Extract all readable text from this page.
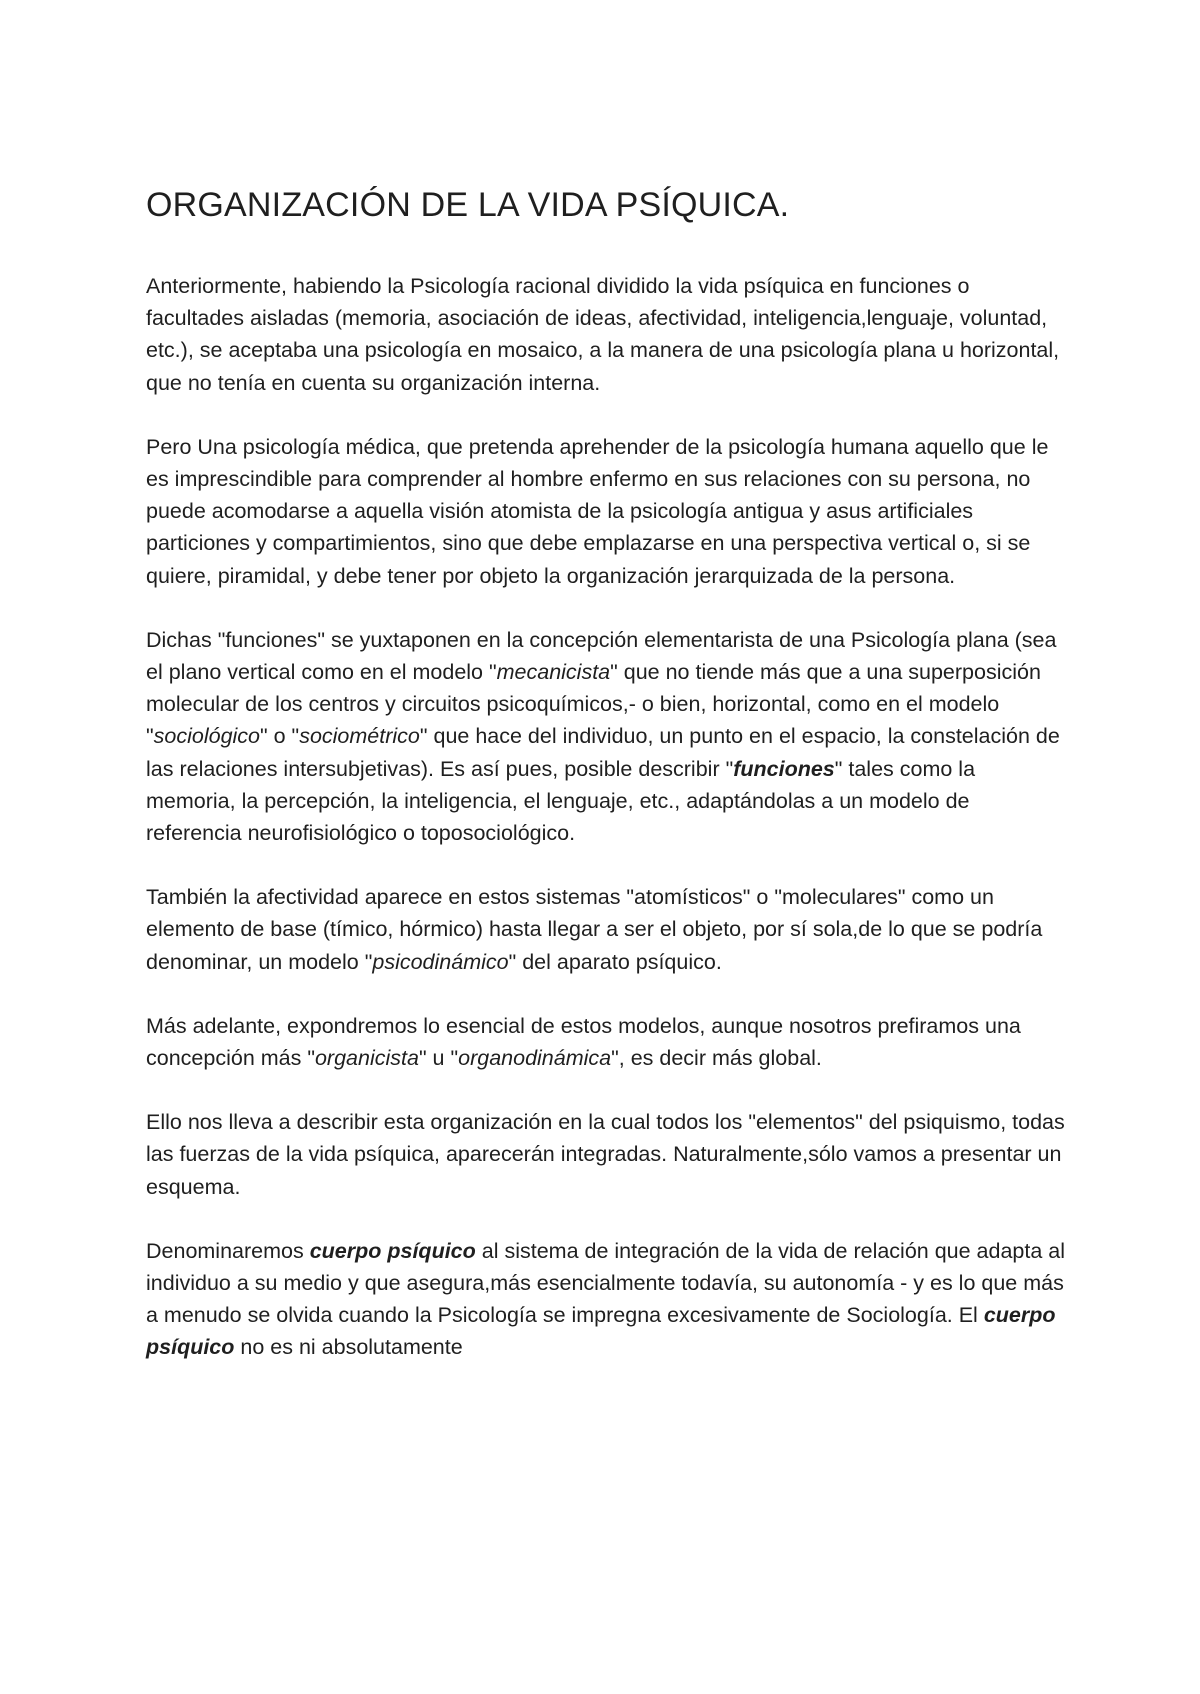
ORGANIZACIÓN DE LA VIDA PSÍQUICA.

Anteriormente, habiendo la Psicología racional dividido la vida psíquica en funciones o facultades aisladas (memoria, asociación de ideas, afectividad, inteligencia,lenguaje, voluntad, etc.), se aceptaba una psicología en mosaico, a la manera de una psicología plana u horizontal, que no tenía en cuenta su organización interna.

Pero Una psicología médica, que pretenda aprehender de la psicología humana aquello que le es imprescindible para comprender al hombre enfermo en sus relaciones con su persona, no puede acomodarse a aquella visión atomista de la psicología antigua y asus artificiales particiones y compartimientos, sino que debe emplazarse en una perspectiva vertical o, si se quiere, piramidal, y debe tener por objeto la organización jerarquizada de la persona.

Dichas "funciones" se yuxtaponen en la concepción elementarista de una Psicología plana (sea el plano vertical como en el modelo "mecanicista" que no tiende más que a una superposición molecular de los centros y circuitos psicoquímicos,- o bien, horizontal, como en el modelo "sociológico" o "sociométrico" que hace del individuo, un punto en el espacio, la constelación de las relaciones intersubjetivas). Es así pues, posible describir "funciones" tales como la memoria, la percepción, la inteligencia, el lenguaje, etc., adaptándolas a un modelo de referencia neurofisiológico o toposociológico.

También la afectividad aparece en estos sistemas "atomísticos" o "moleculares" como un elemento de base (tímico, hórmico) hasta llegar a ser el objeto, por sí sola,de lo que se podría denominar, un modelo "psicodinámico" del aparato psíquico.

Más adelante, expondremos lo esencial de estos modelos, aunque nosotros prefiramos una concepción más "organicista" u "organodinámica", es decir más global.

Ello nos lleva a describir esta organización en la cual todos los "elementos" del psiquismo, todas las fuerzas de la vida psíquica, aparecerán integradas. Naturalmente,sólo vamos a presentar un esquema.

Denominaremos cuerpo psíquico al sistema de integración de la vida de relación que adapta al individuo a su medio y que asegura,más esencialmente todavía, su autonomía - y es lo que más a menudo se olvida cuando la Psicología se impregna excesivamente de Sociología. El cuerpo psíquico no es ni absolutamente
